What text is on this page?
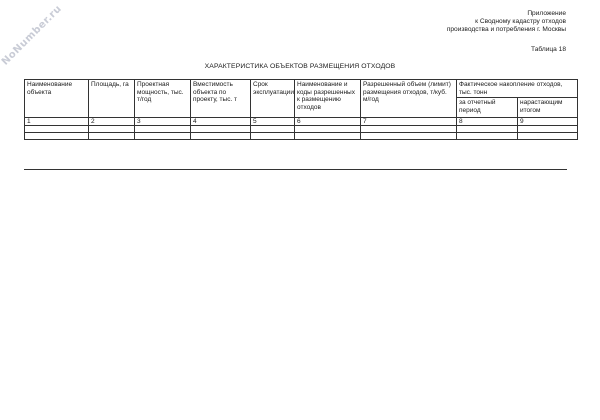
NoNumber.ru	Приложение
к Сводному кадастру отходов
производства и потребления г. Москвы
Таблица 18
ХАРАКТЕРИСТИКА ОБЪЕКТОВ РАЗМЕЩЕНИЯ ОТХОДОВ
Наименование объекта	Площадь, га	Проектная мощность, тыс. т/год	Вместимость объекта по проекту, тыс. т	Срок эксплуатации	Наименование и коды разрешенных к размещению отходов	Разрешенный объем (лимит) размещения отходов, т/куб. м/год	Фактическое накопление отходов, тыс. тонн	
							за отчетный период	нарастающим итогом
1	2	3	4	5	6	7	8	9
